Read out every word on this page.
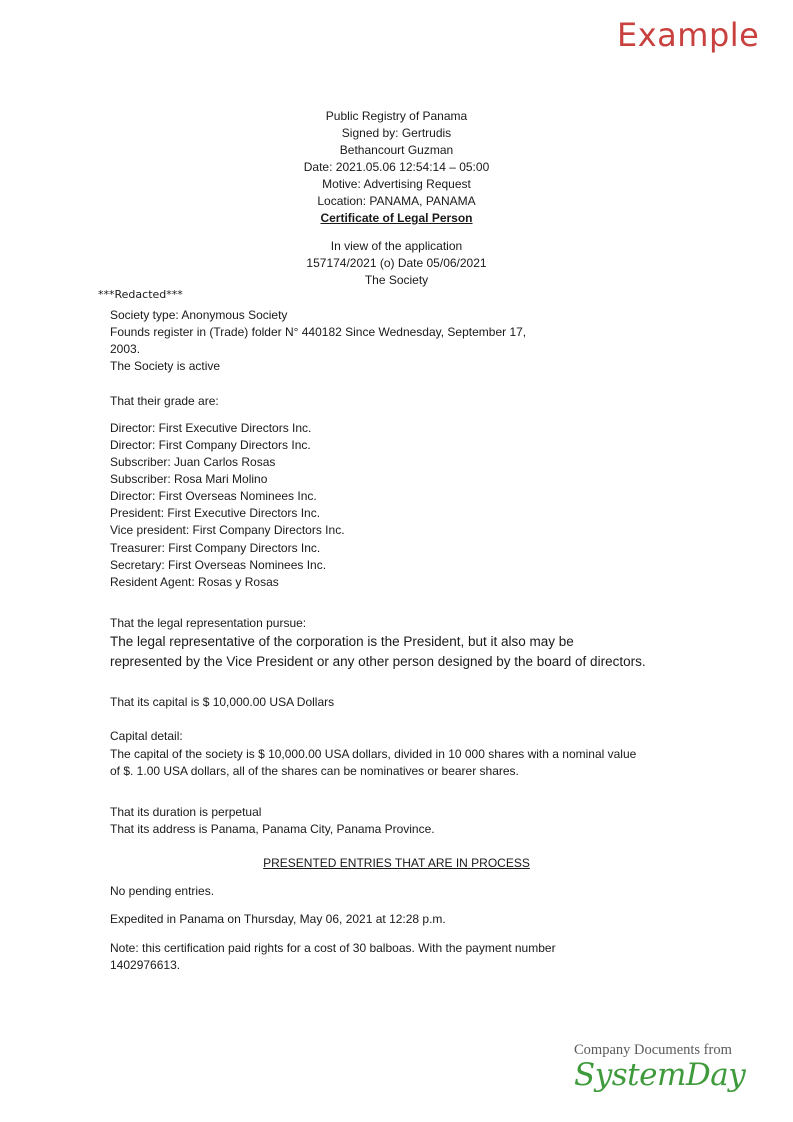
Example
Public Registry of Panama
Signed by: Gertrudis
Bethancourt Guzman
Date: 2021.05.06 12:54:14 – 05:00
Motive: Advertising Request
Location: PANAMA, PANAMA
Certificate of Legal Person
In view of the application
157174/2021 (o) Date 05/06/2021
The Society
***Redacted***
Society type: Anonymous Society
Founds register in (Trade) folder N° 440182 Since Wednesday, September 17,
2003.
The Society is active
That their grade are:
Director: First Executive Directors Inc.
Director: First Company Directors Inc.
Subscriber: Juan Carlos Rosas
Subscriber: Rosa Mari Molino
Director: First Overseas Nominees Inc.
President: First Executive Directors Inc.
Vice president: First Company Directors Inc.
Treasurer: First Company Directors Inc.
Secretary: First Overseas Nominees Inc.
Resident Agent: Rosas y Rosas
That the legal representation pursue:
The legal representative of the corporation is the President, but it also may be
represented by the Vice President or any other person designed by the board of directors.
That its capital is $ 10,000.00 USA Dollars
Capital detail:
The capital of the society is $ 10,000.00 USA dollars, divided in 10 000 shares with a nominal value
of $. 1.00 USA dollars, all of the shares can be nominatives or bearer shares.
That its duration is perpetual
That its address is Panama, Panama City, Panama Province.
PRESENTED ENTRIES THAT ARE IN PROCESS
No pending entries.
Expedited in Panama on Thursday, May 06, 2021 at 12:28 p.m.
Note: this certification paid rights for a cost of 30 balboas. With the payment number
1402976613.
Company Documents from
SystemDay
